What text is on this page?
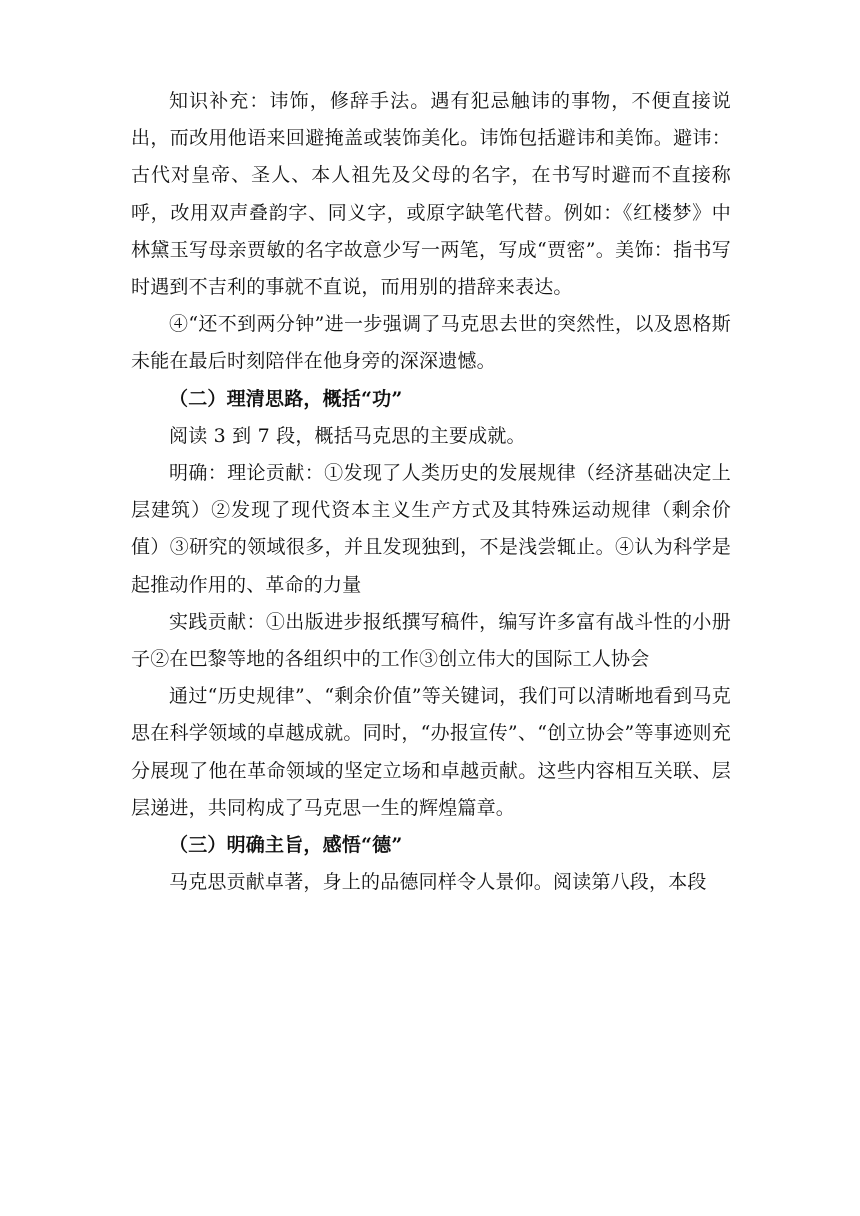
知识补充：讳饰，修辞手法。遇有犯忌触讳的事物，不便直接说出，而改用他语来回避掩盖或装饰美化。讳饰包括避讳和美饰。避讳：古代对皇帝、圣人、本人祖先及父母的名字，在书写时避而不直接称呼，改用双声叠韵字、同义字，或原字缺笔代替。例如：《红楼梦》中林黛玉写母亲贾敏的名字故意少写一两笔，写成“贾密”。美饰：指书写时遇到不吉利的事就不直说，而用别的措辞来表达。

④“还不到两分钟”进一步强调了马克思去世的突然性，以及恩格斯未能在最后时刻陪伴在他身旁的深深遗憾。

（二）理清思路，概括“功”

阅读 3 到 7 段，概括马克思的主要成就。

明确：理论贡献：①发现了人类历史的发展规律（经济基础决定上层建筑）②发现了现代资本主义生产方式及其特殊运动规律（剩余价值）③研究的领域很多，并且发现独到，不是浅尝辄止。④认为科学是起推动作用的、革命的力量

实践贡献：①出版进步报纸撰写稿件，编写许多富有战斗性的小册子②在巴黎等地的各组织中的工作③创立伟大的国际工人协会

通过“历史规律”、“剩余价值”等关键词，我们可以清晰地看到马克思在科学领域的卓越成就。同时，“办报宣传”、“创立协会”等事迹则充分展现了他在革命领域的坚定立场和卓越贡献。这些内容相互关联、层层递进，共同构成了马克思一生的辉煌篇章。

（三）明确主旨，感悟“德”

马克思贡献卓著，身上的品德同样令人景仰。阅读第八段，本段
